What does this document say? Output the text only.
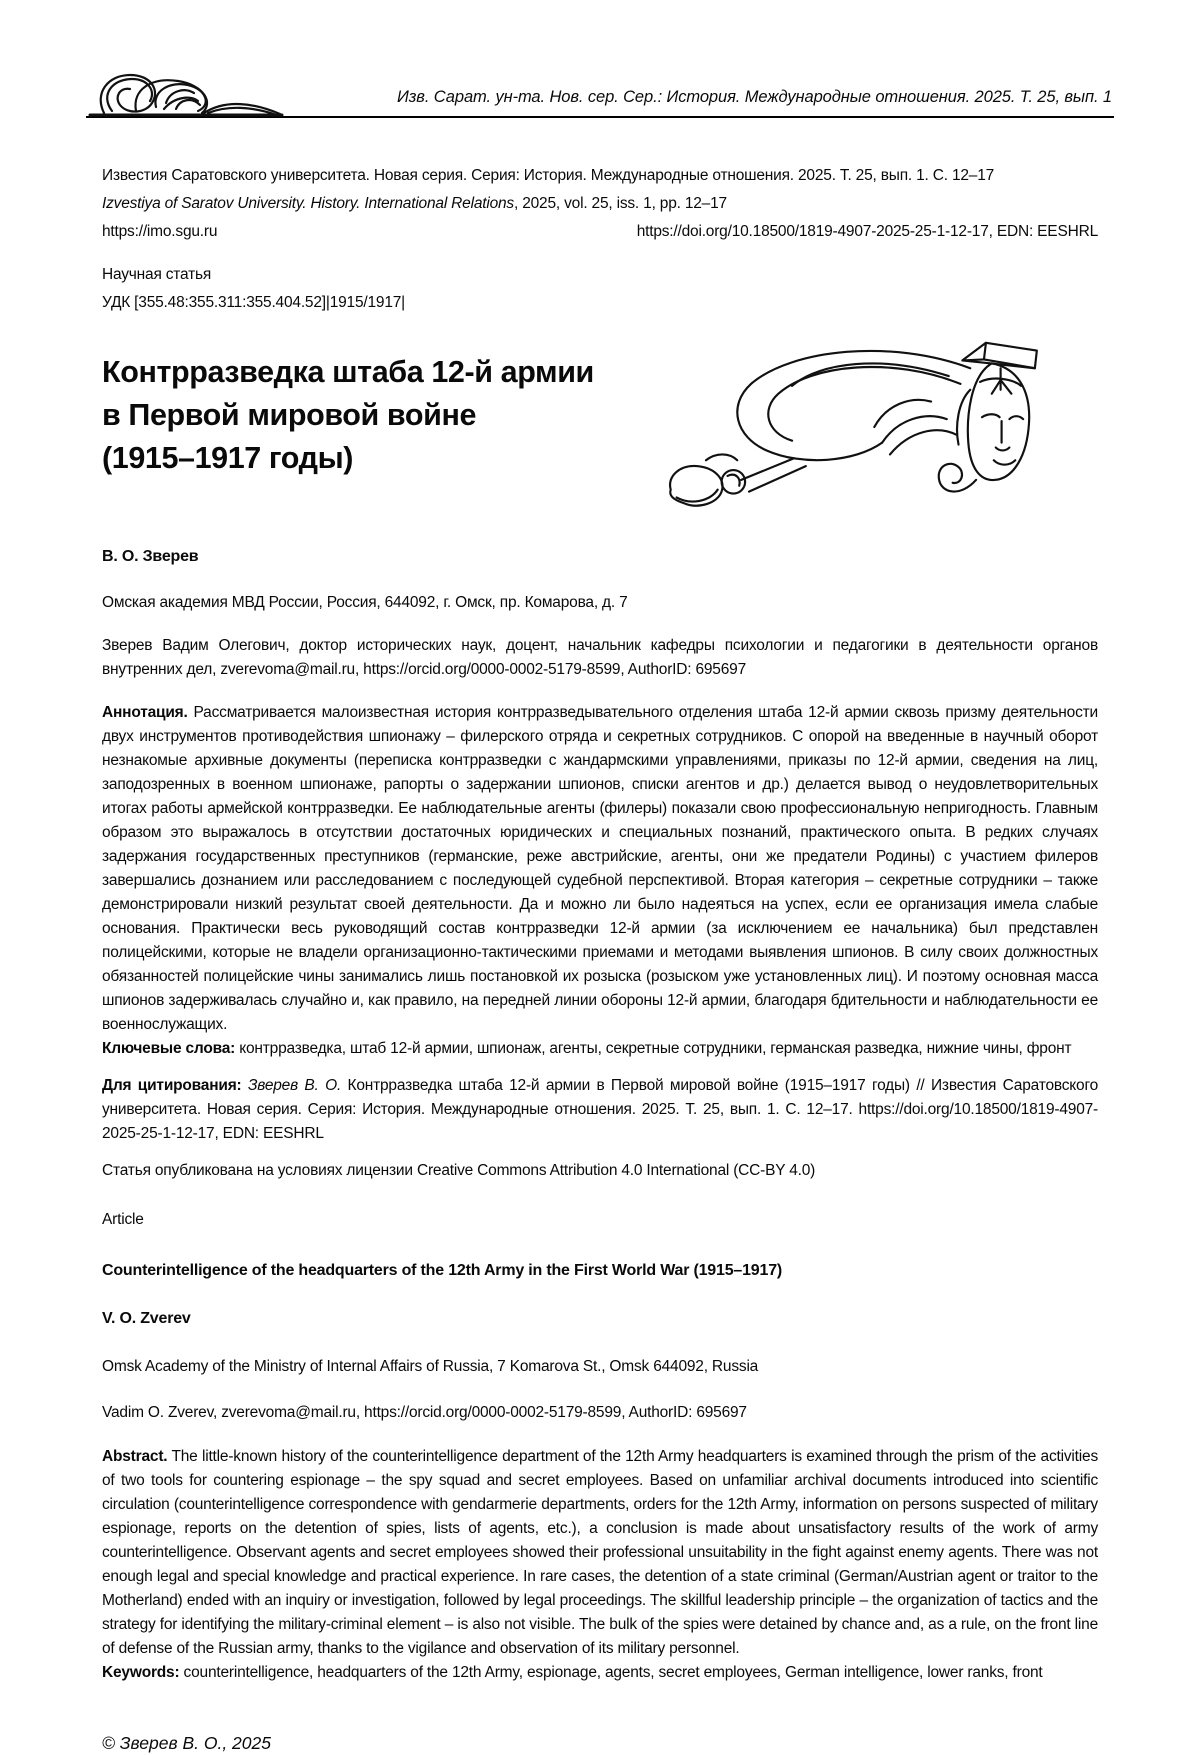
Изв. Сарат. ун-та. Нов. сер. Сер.: История. Международные отношения. 2025. Т. 25, вып. 1
Известия Саратовского университета. Новая серия. Серия: История. Международные отношения. 2025. Т. 25, вып. 1. С. 12–17
Izvestiya of Saratov University. History. International Relations, 2025, vol. 25, iss. 1, pp. 12–17
https://imo.sgu.ru	https://doi.org/10.18500/1819-4907-2025-25-1-12-17, EDN: EESHRL
Научная статья
УДК [355.48:355.311:355.404.52]|1915/1917|
Контрразведка штаба 12-й армии
в Первой мировой войне
(1915–1917 годы)

В. О. Зверев

Омская академия МВД России, Россия, 644092, г. Омск, пр. Комарова, д. 7

Зверев Вадим Олегович, доктор исторических наук, доцент, начальник кафедры психологии и педагогики в деятельности органов внутренних дел, zverevoma@mail.ru, https://orcid.org/0000-0002-5179-8599, AuthorID: 695697

Аннотация. Рассматривается малоизвестная история контрразведывательного отделения штаба 12-й армии сквозь призму деятельности двух инструментов противодействия шпионажу – филерского отряда и секретных сотрудников. С опорой на введенные в научный оборот незнакомые архивные документы (переписка контрразведки с жандармскими управлениями, приказы по 12-й армии, сведения на лиц, заподозренных в военном шпионаже, рапорты о задержании шпионов, списки агентов и др.) делается вывод о неудовлетворительных итогах работы армейской контрразведки. Ее наблюдательные агенты (филеры) показали свою профессиональную непригодность. Главным образом это выражалось в отсутствии достаточных юридических и специальных познаний, практического опыта. В редких случаях задержания государственных преступников (германские, реже австрийские, агенты, они же предатели Родины) с участием филеров завершались дознанием или расследованием с последующей судебной перспективой. Вторая категория – секретные сотрудники – также демонстрировали низкий результат своей деятельности. Да и можно ли было надеяться на успех, если ее организация имела слабые основания. Практически весь руководящий состав контрразведки 12-й армии (за исключением ее начальника) был представлен полицейскими, которые не владели организационно-тактическими приемами и методами выявления шпионов. В силу своих должностных обязанностей полицейские чины занимались лишь постановкой их розыска (розыском уже установленных лиц). И поэтому основная масса шпионов задерживалась случайно и, как правило, на передней линии обороны 12-й армии, благодаря бдительности и наблюдательности ее военнослужащих.

Ключевые слова: контрразведка, штаб 12-й армии, шпионаж, агенты, секретные сотрудники, германская разведка, нижние чины, фронт

Для цитирования: Зверев В. О. Контрразведка штаба 12-й армии в Первой мировой войне (1915–1917 годы) // Известия Саратовского университета. Новая серия. Серия: История. Международные отношения. 2025. Т. 25, вып. 1. С. 12–17. https://doi.org/10.18500/1819-4907-2025-25-1-12-17, EDN: EESHRL

Статья опубликована на условиях лицензии Creative Commons Attribution 4.0 International (CC-BY 4.0)

Article

Counterintelligence of the headquarters of the 12th Army in the First World War (1915–1917)

V. O. Zverev

Omsk Academy of the Ministry of Internal Affairs of Russia, 7 Komarova St., Omsk 644092, Russia

Vadim O. Zverev, zverevoma@mail.ru, https://orcid.org/0000-0002-5179-8599, AuthorID: 695697

Abstract. The little-known history of the counterintelligence department of the 12th Army headquarters is examined through the prism of the activities of two tools for countering espionage – the spy squad and secret employees. Based on unfamiliar archival documents introduced into scientific circulation (counterintelligence correspondence with gendarmerie departments, orders for the 12th Army, information on persons suspected of military espionage, reports on the detention of spies, lists of agents, etc.), a conclusion is made about unsatisfactory results of the work of army counterintelligence. Observant agents and secret employees showed their professional unsuitability in the fight against enemy agents. There was not enough legal and special knowledge and practical experience. In rare cases, the detention of a state criminal (German/Austrian agent or traitor to the Motherland) ended with an inquiry or investigation, followed by legal proceedings. The skillful leadership principle – the organization of tactics and the strategy for identifying the military-criminal element – is also not visible. The bulk of the spies were detained by chance and, as a rule, on the front line of defense of the Russian army, thanks to the vigilance and observation of its military personnel.

Keywords: counterintelligence, headquarters of the 12th Army, espionage, agents, secret employees, German intelligence, lower ranks, front

© Зверев В. О., 2025
